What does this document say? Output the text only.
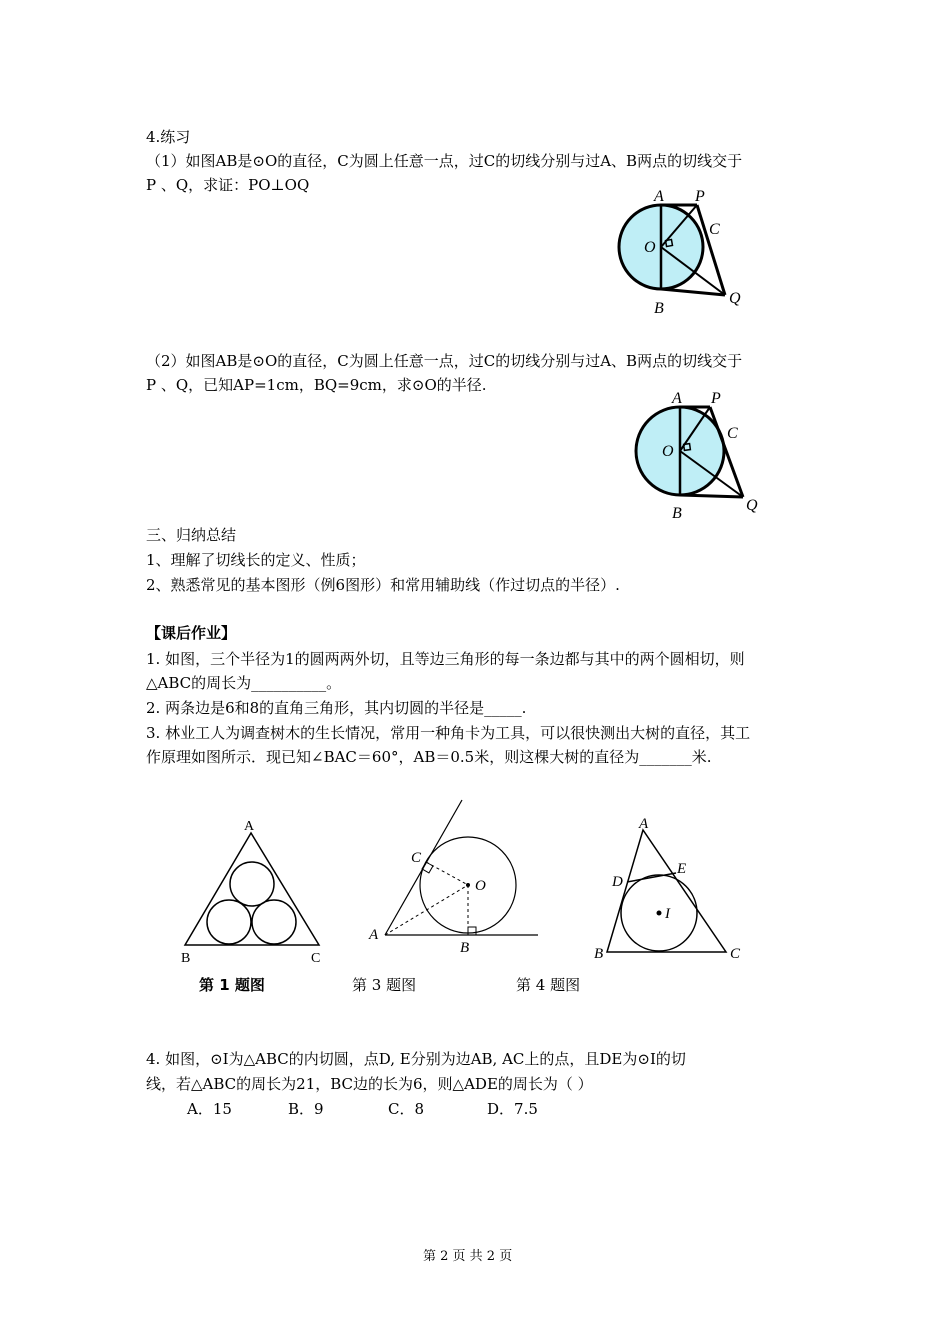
4.练习
（1）如图AB是⊙O的直径，C为圆上任意一点，过C的切线分别与过A、B两点的切线交于
P 、Q，求证：PO⊥OQ
A P
C
O
B
Q
（2）如图AB是⊙O的直径，C为圆上任意一点，过C的切线分别与过A、B两点的切线交于
P 、Q，已知AP=1cm，BQ=9cm，求⊙O的半径.
A P
C
O
B	Q
三、归纳总结
1、理解了切线长的定义、性质；
2、熟悉常见的基本图形（例6图形）和常用辅助线（作过切点的半径）.
【课后作业】
1. 如图，三个半径为1的圆两两外切，且等边三角形的每一条边都与其中的两个圆相切，则
△ABC的周长为__________。
2. 两条边是6和8的直角三角形，其内切圆的半径是_____.
3. 林业工人为调查树木的生长情况，常用一种角卡为工具，可以很快测出大树的直径，其工
作原理如图所示．现已知∠BAC＝60°，AB＝0.5米，则这棵大树的直径为_______米.
A
B	C
第 1 题图
C
O
A
B
第 3 题图
A
D
E
I
B	C
第 4 题图
4. 如图，⊙I为△ABC的内切圆，点D, E分别为边AB, AC上的点，且DE为⊙I的切
线，若△ABC的周长为21，BC边的长为6，则△ADE的周长为（ ）
A．15	B．9	C．8	D．7.5
第 2 页 共 2 页
